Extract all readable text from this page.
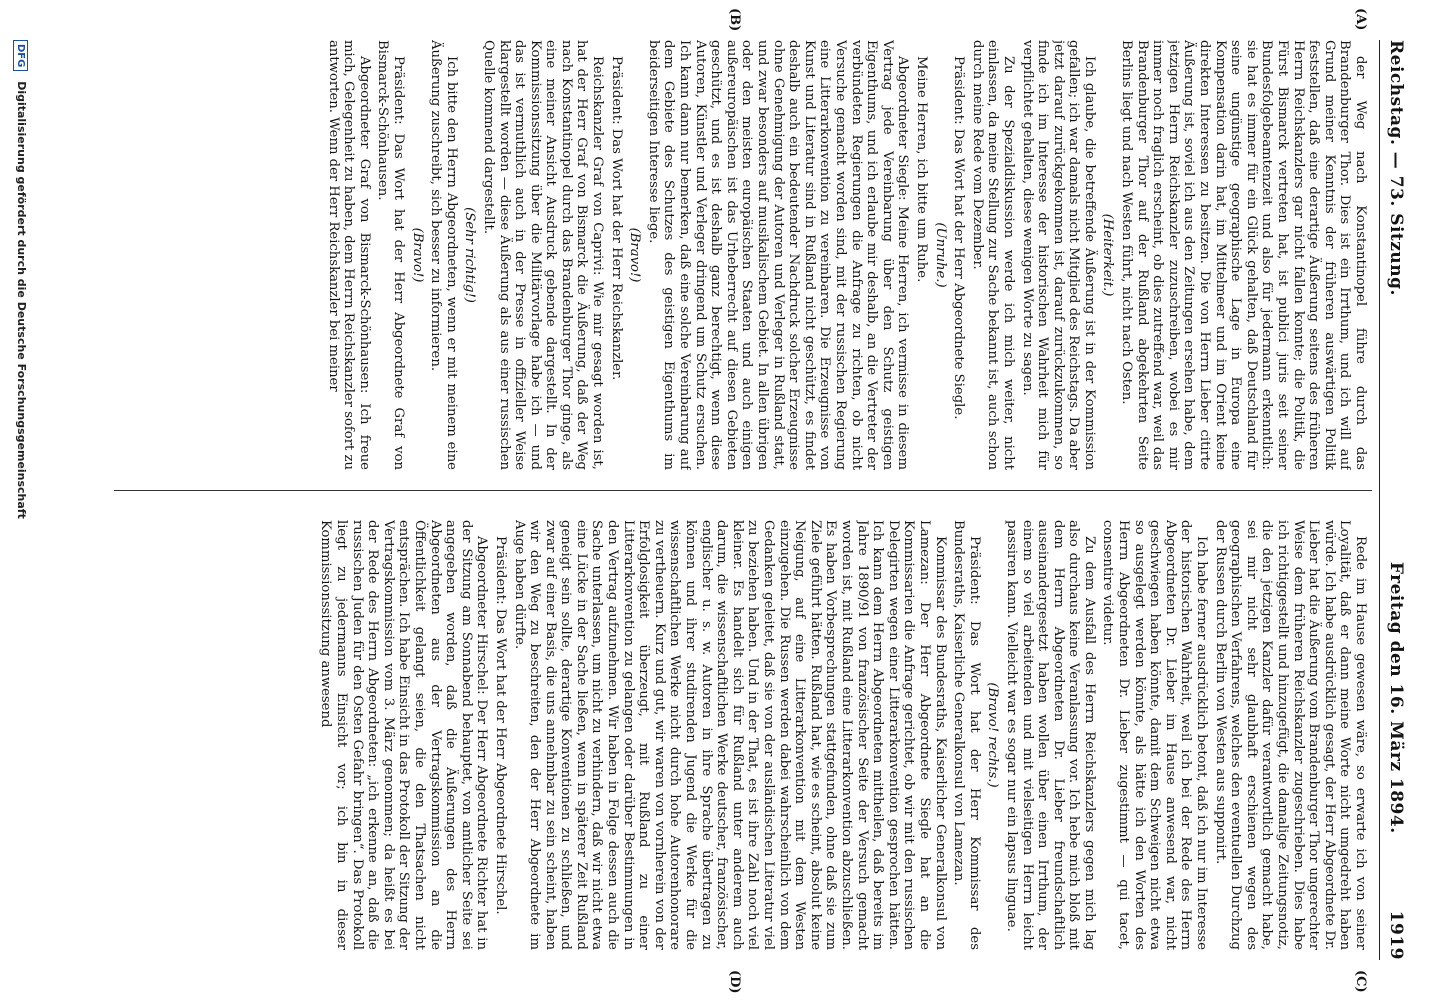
Reichstag. — 73. Sitzung.
Freitag den 16. März 1894.            1919
(A)
(B)
(C)
(D)

der Weg nach Konstantinopel führe durch das Brandenburger Thor. Dies ist ein Irrthum, und ich will auf Grund meiner Kenntnis der früheren auswärtigen Politik feststellen, daß eine derartige Äußerung seitens des früheren Herrn Reichskanzlers gar nicht fallen konnte; die Politik, die Fürst Bismarck vertreten hat, ist publici juris seit seiner Bundesfolgebeamtenzeit und also für jedermann erkenntlich: sie hat es immer für ein Glück gehalten, daß Deutschland für seine ungünstige geographische Lage in Europa eine Kompensation darin hat, im Mittelmeer und im Orient keine direkten Interessen zu besitzen. Die von Herrn Lieber citirte Äußerung ist, soviel ich aus den Zeitungen ersehen habe, dem jetzigen Herrn Reichskanzler zuzuschreiben, wobei es mir immer noch fraglich erscheint, ob dies zutreffend war, weil das Brandenburger Thor auf der Rußland abgekehrten Seite Berlins liegt und nach Westen führt, nicht nach Osten.

(Heiterkeit.)

Ich glaube, die betreffende Äußerung ist in der Kommission gefallen; ich war damals nicht Mitglied des Reichstags. Da aber jetzt darauf zurückgekommen ist, darauf zurückzukommen, so finde ich im Interesse der historischen Wahrheit mich für verpflichtet gehalten, diese wenigen Worte zu sagen.

Zu der Spezialdiskussion werde ich mich weiter, nicht einlassen, da meine Stellung zur Sache bekannt ist, auch schon durch meine Rede vom Dezember.

Präsident: Das Wort hat der Herr Abgeordnete Siegle.

(Unruhe.)

Meine Herren, ich bitte um Ruhe.

Abgeordneter Siegle: Meine Herren, ich vermisse in diesem Vertrag jede Vereinbarung über den Schutz geistigen Eigenthums, und ich erlaube mir deshalb, an die Vertreter der verbündeten Regierungen die Anfrage zu richten, ob nicht Versuche gemacht worden sind, mit der russischen Regierung eine Litterarkonvention zu vereinbaren. Die Erzeugnisse von Kunst und Literatur sind in Rußland nicht geschützt, es findet deshalb auch ein bedeutender Nachdruck solcher Erzeugnisse ohne Genehmigung der Autoren und Verleger in Rußland statt, und zwar besonders auf musikalischem Gebiet. In allen übrigen oder den meisten europäischen Staaten und auch einigen außereuropäischen ist das Urheberrecht auf diesen Gebieten geschützt, und es ist deshalb ganz berechtigt, wenn diese Autoren, Künstler und Verleger dringend um Schutz ersuchen. Ich kann dann nur bemerken, daß eine solche Vereinbarung auf dem Gebiete des Schutzes des geistigen Eigenthums im beiderseitigen Interesse liege.

(Bravo!)

Präsident: Das Wort hat der Herr Reichskanzler.

Reichskanzler Graf von Caprivi: Wie mir gesagt worden ist, hat der Herr Graf von Bismarck die Äußerung, daß der Weg nach Konstantinopel durch das Brandenburger Thor ginge, als eine meiner Ansicht Ausdruck gebende dargestellt. In der Kommissionssitzung über die Militärvorlage habe ich — und das ist vermuthlich auch in der Presse in offizieller Weise klargestellt worden — diese Äußerung als aus einer russischen Quelle kommend dargestellt.

(Sehr richtig!)

Ich bitte den Herrn Abgeordneten, wenn er mit meinem eine Äußerung zuschreibt, sich besser zu informieren.

(Bravo!)

Präsident: Das Wort hat der Herr Abgeordnete Graf von Bismarck-Schönhausen.

Abgeordneter Graf von Bismarck-Schönhausen: Ich freue mich, Gelegenheit zu haben, dem Herrn Reichskanzler sofort zu antworten. Wenn der Herr Reichskanzler bei meiner

Rede im Hause gewesen wäre, so erwarte ich von seiner Loyalität, daß er dann meine Worte nicht umgedreht haben würde. Ich habe ausdrücklich gesagt, der Herr Abgeordnete Dr. Lieber hat die Äußerung vom Brandenburger Thor ungerechter Weise dem früheren Reichskanzler zugeschrieben. Dies habe ich richtiggestellt und hinzugefügt, die damalige Zeitungsnotiz, die den jetzigen Kanzler dafür verantwortlich gemacht habe, sei mir nicht sehr glaubhaft erschienen wegen des geographischen Verfahrens, welches den eventuellen Durchzug der Russen durch Berlin von Westen aus supponirt.

Ich habe ferner ausdrücklich betont, daß ich nur im Interesse der historischen Wahrheit, weil ich bei der Rede des Herrn Abgeordneten Dr. Lieber im Hause anwesend war, nicht geschwiegen haben könnte, damit dem Schweigen nicht etwa so ausgelegt werden könnte, als hätte ich den Worten des Herrn Abgeordneten Dr. Lieber zugestimmt — qui tacet, consentire videtur.

Zu dem Ausfall des Herrn Reichskanzlers gegen mich lag also durchaus keine Veranlassung vor. Ich hebe mich bloß mit dem Herrn Abgeordneten Dr. Lieber freundschaftlich auseinandergesetzt haben wollen über einen Irrthum, der einem so viel arbeitenden und mit vielseitigen Herrn leicht passiren kann. Vielleicht war es sogar nur ein lapsus linguae.

(Bravo! rechts.)

Präsident: Das Wort hat der Herr Kommissar des Bundesraths, Kaiserliche Generalkonsul von Lamezan.

Kommissar des Bundesraths, Kaiserlicher Generalkonsul von Lamezan: Der Herr Abgeordnete Siegle hat an die Kommissarien die Anfrage gerichtet, ob wir mit den russischen Delegirten wegen einer Litterarkonvention gesprochen hätten. Ich kann dem Herrn Abgeordneten mittheilen, daß bereits im Jahre 1890/91 von französischer Seite der Versuch gemacht worden ist, mit Rußland eine Litterarkonvention abzuschließen. Es haben Vorbesprechungen stattgefunden, ohne daß sie zum Ziele geführt hätten. Rußland hat, wie es scheint, absolut keine Neigung, auf eine Litterarkonvention mit dem Westen einzugehen. Die Russen werden dabei wahrscheinlich von dem Gedanken geleitet, daß sie von der ausländischen Literatur viel zu beziehen haben. Und in der That, es ist ihre Zahl noch viel kleiner. Es handelt sich für Rußland unter anderem auch darum, die wissenschaftlichen Werke deutscher, französischer, englischer u. s. w. Autoren in ihre Sprache übertragen zu können und ihrer studirenden Jugend die Werke für die wissenschaftlichen Werke nicht durch hohe Autorenhonorare zu vertheuern. Kurz und gut, wir waren von vornherein von der Erfolglosigkeit überzeugt, mit Rußland zu einer Litterarkonvention zu gelangen oder darüber Bestimmungen in den Vertrag aufzunehmen. Wir haben in Folge dessen auch die Sache unterlassen, um nicht zu verhindern, daß wir nicht etwa eine Lücke in der Sache ließen, wenn in späterer Zeit Rußland geneigt sein sollte, derartige Konventionen zu schließen, und zwar auf einer Basis, die uns annehmbar zu sein scheint, haben wir den Weg zu beschreiten, den der Herr Abgeordnete im Auge haben dürfte.

Präsident: Das Wort hat der Herr Abgeordnete Hirschel.

Abgeordneter Hirschel: Der Herr Abgeordnete Richter hat in der Sitzung am Sonnabend behauptet, von amtlicher Seite sei angegeben worden, daß die Äußerungen des Herrn Abgeordneten aus der Vertragskommission an die Öffentlichkeit gelangt seien, die den Thatsachen nicht entsprächen. Ich habe Einsicht in das Protokoll der Sitzung der Vertragskommission vom 3. März genommen; da heißt es bei der Rede des Herrn Abgeordneten: „ich erkenne an, daß die russischen Juden für den Osten Gefahr bringen“. Das Protokoll liegt zu jedermanns Einsicht vor; ich bin in dieser Kommissionssitzung anwesend

DFG Digitalisierung gefördert durch die Deutsche Forschungsgemeinschaft
